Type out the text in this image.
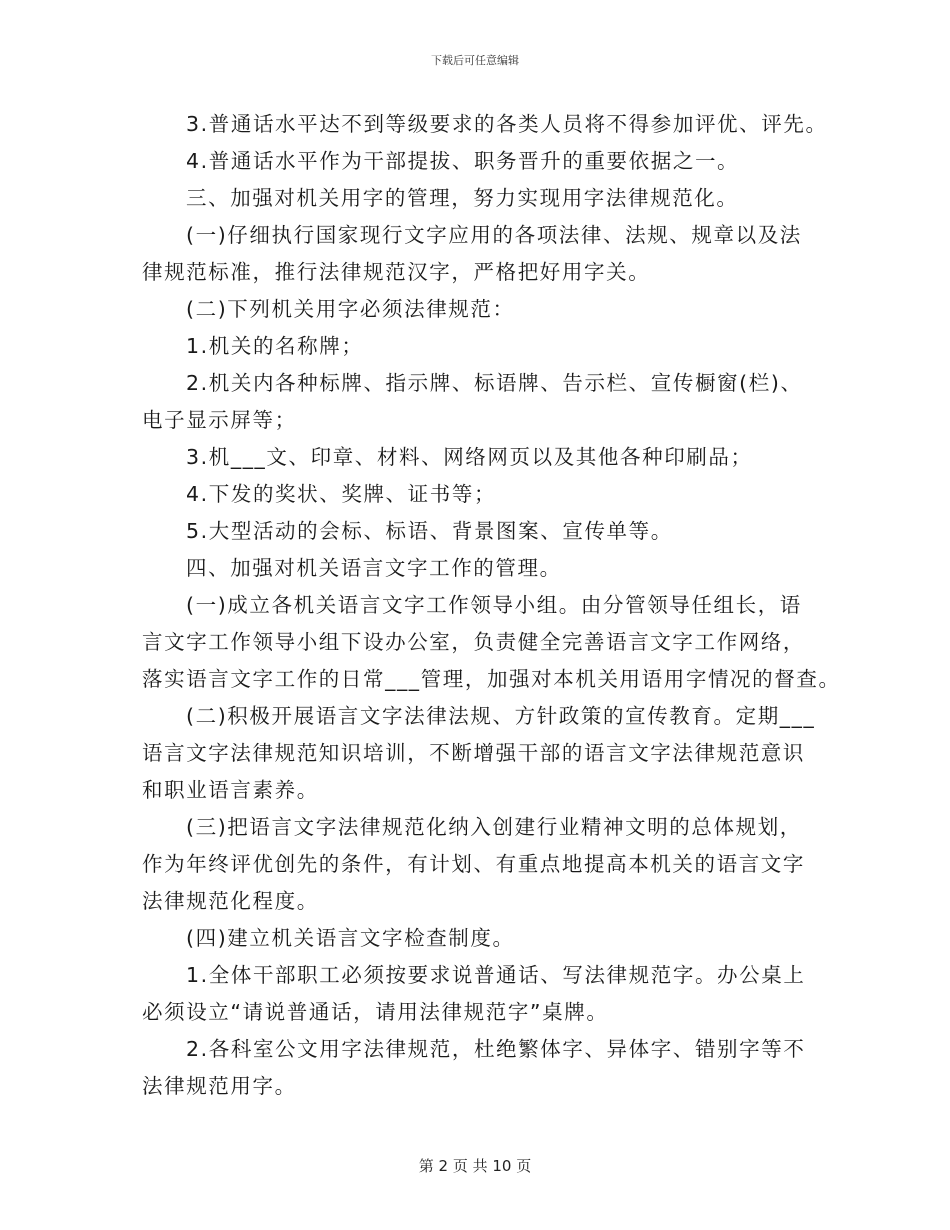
下载后可任意编辑
3.普通话水平达不到等级要求的各类人员将不得参加评优、评先。
4.普通话水平作为干部提拔、职务晋升的重要依据之一。
三、加强对机关用字的管理，努力实现用字法律规范化。
(一)仔细执行国家现行文字应用的各项法律、法规、规章以及法
律规范标准，推行法律规范汉字，严格把好用字关。
(二)下列机关用字必须法律规范：
1.机关的名称牌；
2.机关内各种标牌、指示牌、标语牌、告示栏、宣传橱窗(栏)、
电子显示屏等；
3.机___文、印章、材料、网络网页以及其他各种印刷品；
4.下发的奖状、奖牌、证书等；
5.大型活动的会标、标语、背景图案、宣传单等。
四、加强对机关语言文字工作的管理。
(一)成立各机关语言文字工作领导小组。由分管领导任组长，语
言文字工作领导小组下设办公室，负责健全完善语言文字工作网络，
落实语言文字工作的日常___管理，加强对本机关用语用字情况的督查。
(二)积极开展语言文字法律法规、方针政策的宣传教育。定期___
语言文字法律规范知识培训，不断增强干部的语言文字法律规范意识
和职业语言素养。
(三)把语言文字法律规范化纳入创建行业精神文明的总体规划，
作为年终评优创先的条件，有计划、有重点地提高本机关的语言文字
法律规范化程度。
(四)建立机关语言文字检查制度。
1.全体干部职工必须按要求说普通话、写法律规范字。办公桌上
必须设立“请说普通话，请用法律规范字”桌牌。
2.各科室公文用字法律规范，杜绝繁体字、异体字、错别字等不
法律规范用字。
第 2 页 共 10 页
